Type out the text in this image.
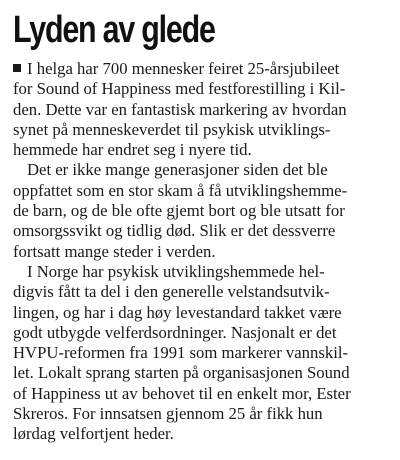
Lyden av glede
I helga har 700 mennesker feiret 25-årsjubileet
for Sound of Happiness med festforestilling i Kil-
den. Dette var en fantastisk markering av hvordan
synet på menneskeverdet til psykisk utviklings-
hemmede har endret seg i nyere tid.
Det er ikke mange generasjoner siden det ble
oppfattet som en stor skam å få utviklingshemme-
de barn, og de ble ofte gjemt bort og ble utsatt for
omsorgssvikt og tidlig død. Slik er det dessverre
fortsatt mange steder i verden.
I Norge har psykisk utviklingshemmede hel-
digvis fått ta del i den generelle velstandsutvik-
lingen, og har i dag høy levestandard takket være
godt utbygde velferdsordninger. Nasjonalt er det
HVPU-reformen fra 1991 som markerer vannskil-
let. Lokalt sprang starten på organisasjonen Sound
of Happiness ut av behovet til en enkelt mor, Ester
Skreros. For innsatsen gjennom 25 år fikk hun
lørdag velfortjent heder.
